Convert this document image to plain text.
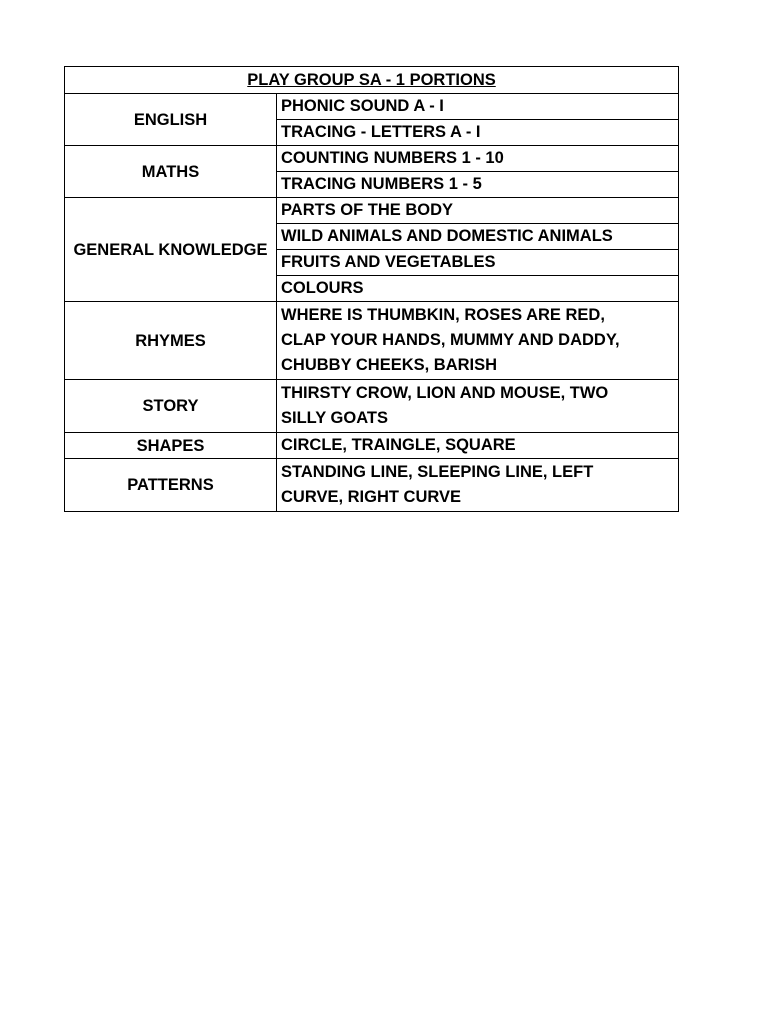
PLAY GROUP SA - 1 PORTIONS	
ENGLISH	PHONIC SOUND A - I

	TRACING - LETTERS A - I

MATHS	COUNTING NUMBERS 1 - 10

	TRACING NUMBERS 1 - 5

GENERAL KNOWLEDGE	PARTS OF THE BODY

	WILD ANIMALS AND DOMESTIC ANIMALS

	FRUITS AND VEGETABLES

	COLOURS

RHYMES	WHERE IS THUMBKIN, ROSES ARE RED,
CLAP YOUR HANDS, MUMMY AND DADDY,
CHUBBY CHEEKS, BARISH

STORY	THIRSTY CROW, LION AND MOUSE, TWO
SILLY GOATS

SHAPES	CIRCLE, TRAINGLE, SQUARE

PATTERNS	STANDING LINE, SLEEPING LINE, LEFT
CURVE, RIGHT CURVE
